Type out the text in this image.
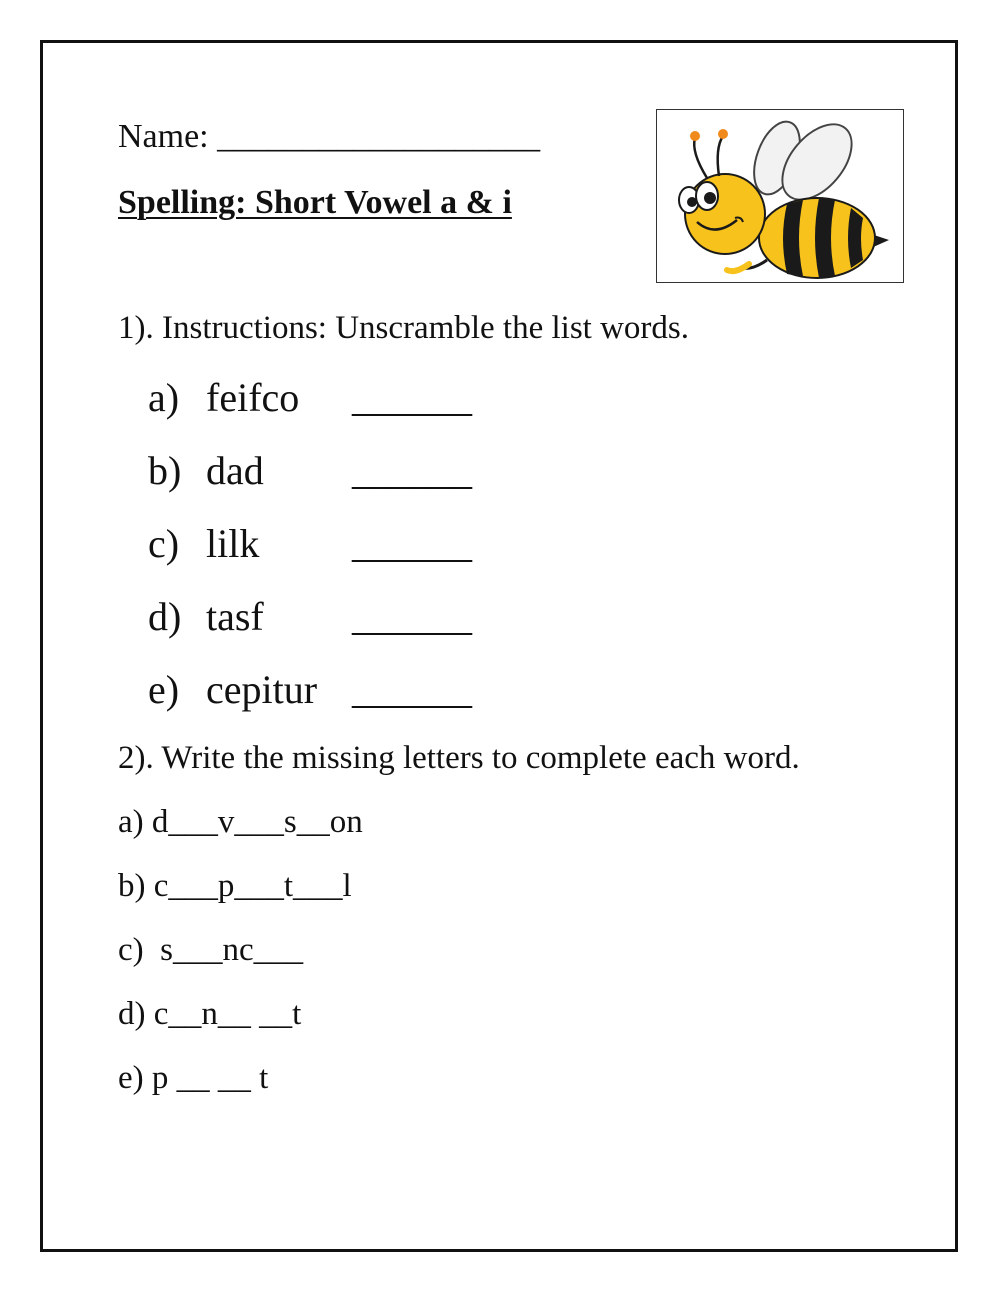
Name: ___________________
Spelling: Short Vowel a & i
1). Instructions: Unscramble the list words.
a) feifco ______
b) dad ______
c) lilk ______
d) tasf ______
e) cepitur ______
2). Write the missing letters to complete each word.
a) d___v___s__on
b) c___p___t___l
c)  s___nc___
d) c__n__ __t
e) p __ __ t
